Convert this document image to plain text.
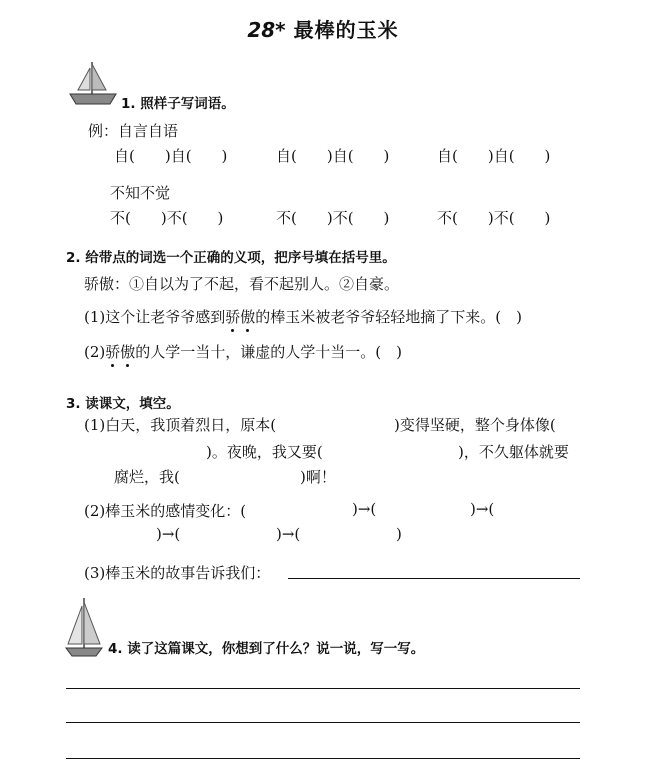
28* 最棒的玉米
1. 照样子写词语。
例：自言自语
自(　　)自(　　)	自(　　)自(　　)	自(　　)自(　　)
不知不觉
不(　　)不(　　)	不(　　)不(　　)	不(　　)不(　　)
2. 给带点的词选一个正确的义项，把序号填在括号里。
骄傲：①自以为了不起，看不起别人。②自豪。
(1)这个让老爷爷感到骄傲的棒玉米被老爷爷轻轻地摘了下来。(　)
(2)骄傲的人学一当十，谦虚的人学十当一。(　)
3. 读课文，填空。
(1)白天，我顶着烈日，原本(	)变得坚硬，整个身体像(
)。夜晚，我又要(	)，不久躯体就要
腐烂，我(	)啊！
(2)棒玉米的感情变化：(	)→(	)→(
)→(	)→(	)
(3)棒玉米的故事告诉我们：
4. 读了这篇课文，你想到了什么？说一说，写一写。
